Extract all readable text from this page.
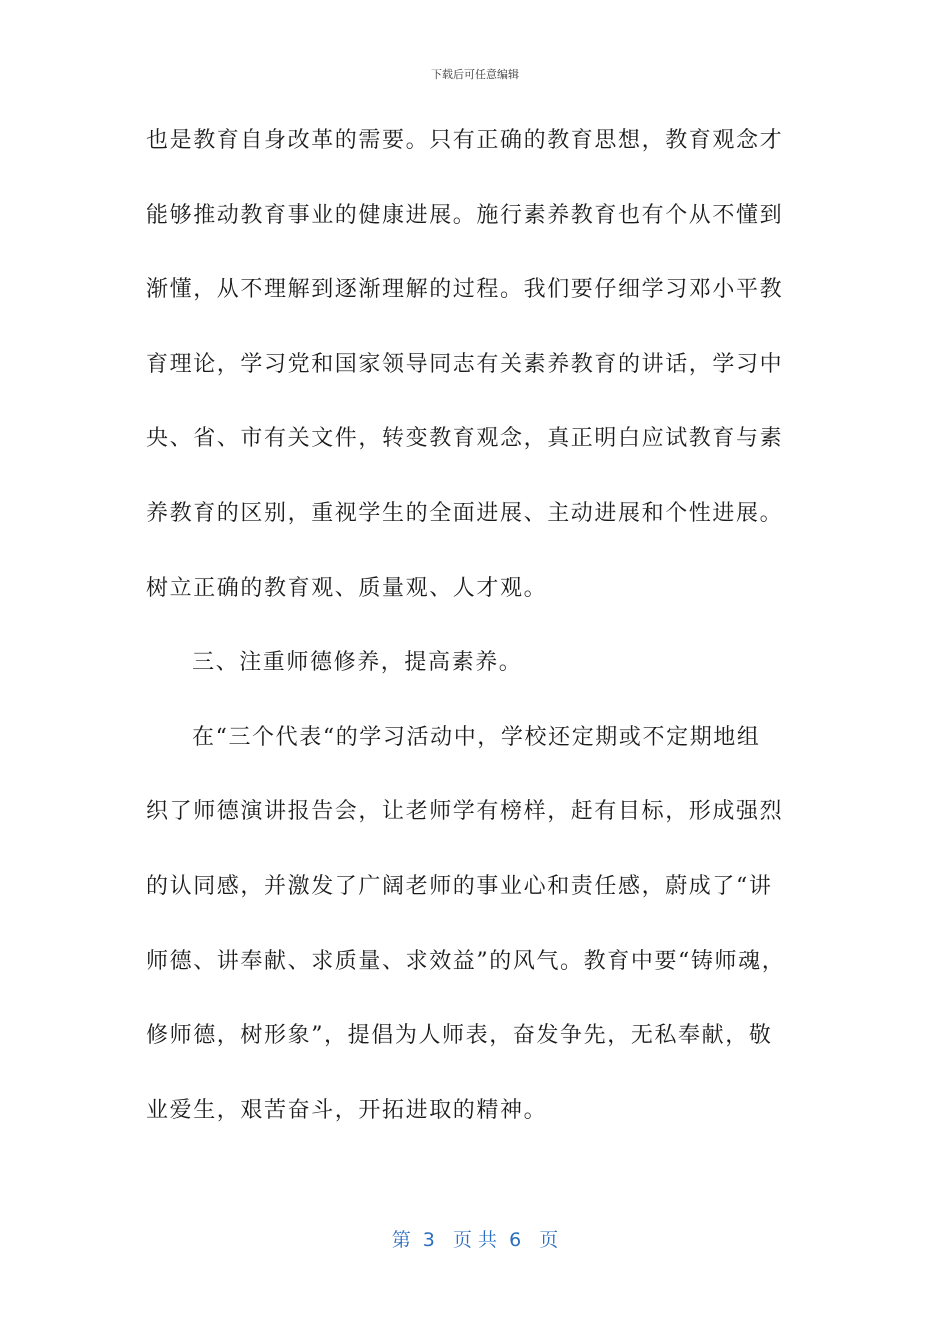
下载后可任意编辑
也是教育自身改革的需要。只有正确的教育思想，教育观念才
能够推动教育事业的健康进展。施行素养教育也有个从不懂到
渐懂，从不理解到逐渐理解的过程。我们要仔细学习邓小平教
育理论，学习党和国家领导同志有关素养教育的讲话，学习中
央、省、市有关文件，转变教育观念，真正明白应试教育与素
养教育的区别，重视学生的全面进展、主动进展和个性进展。
树立正确的教育观、质量观、人才观。
三、注重师德修养，提高素养。
在“三个代表“的学习活动中，学校还定期或不定期地组
织了师德演讲报告会，让老师学有榜样，赶有目标，形成强烈
的认同感，并激发了广阔老师的事业心和责任感，蔚成了“讲
师德、讲奉献、求质量、求效益”的风气。教育中要“铸师魂，
修师德，树形象”，提倡为人师表，奋发争先，无私奉献，敬
业爱生，艰苦奋斗，开拓进取的精神。
第  3   页 共  6   页
